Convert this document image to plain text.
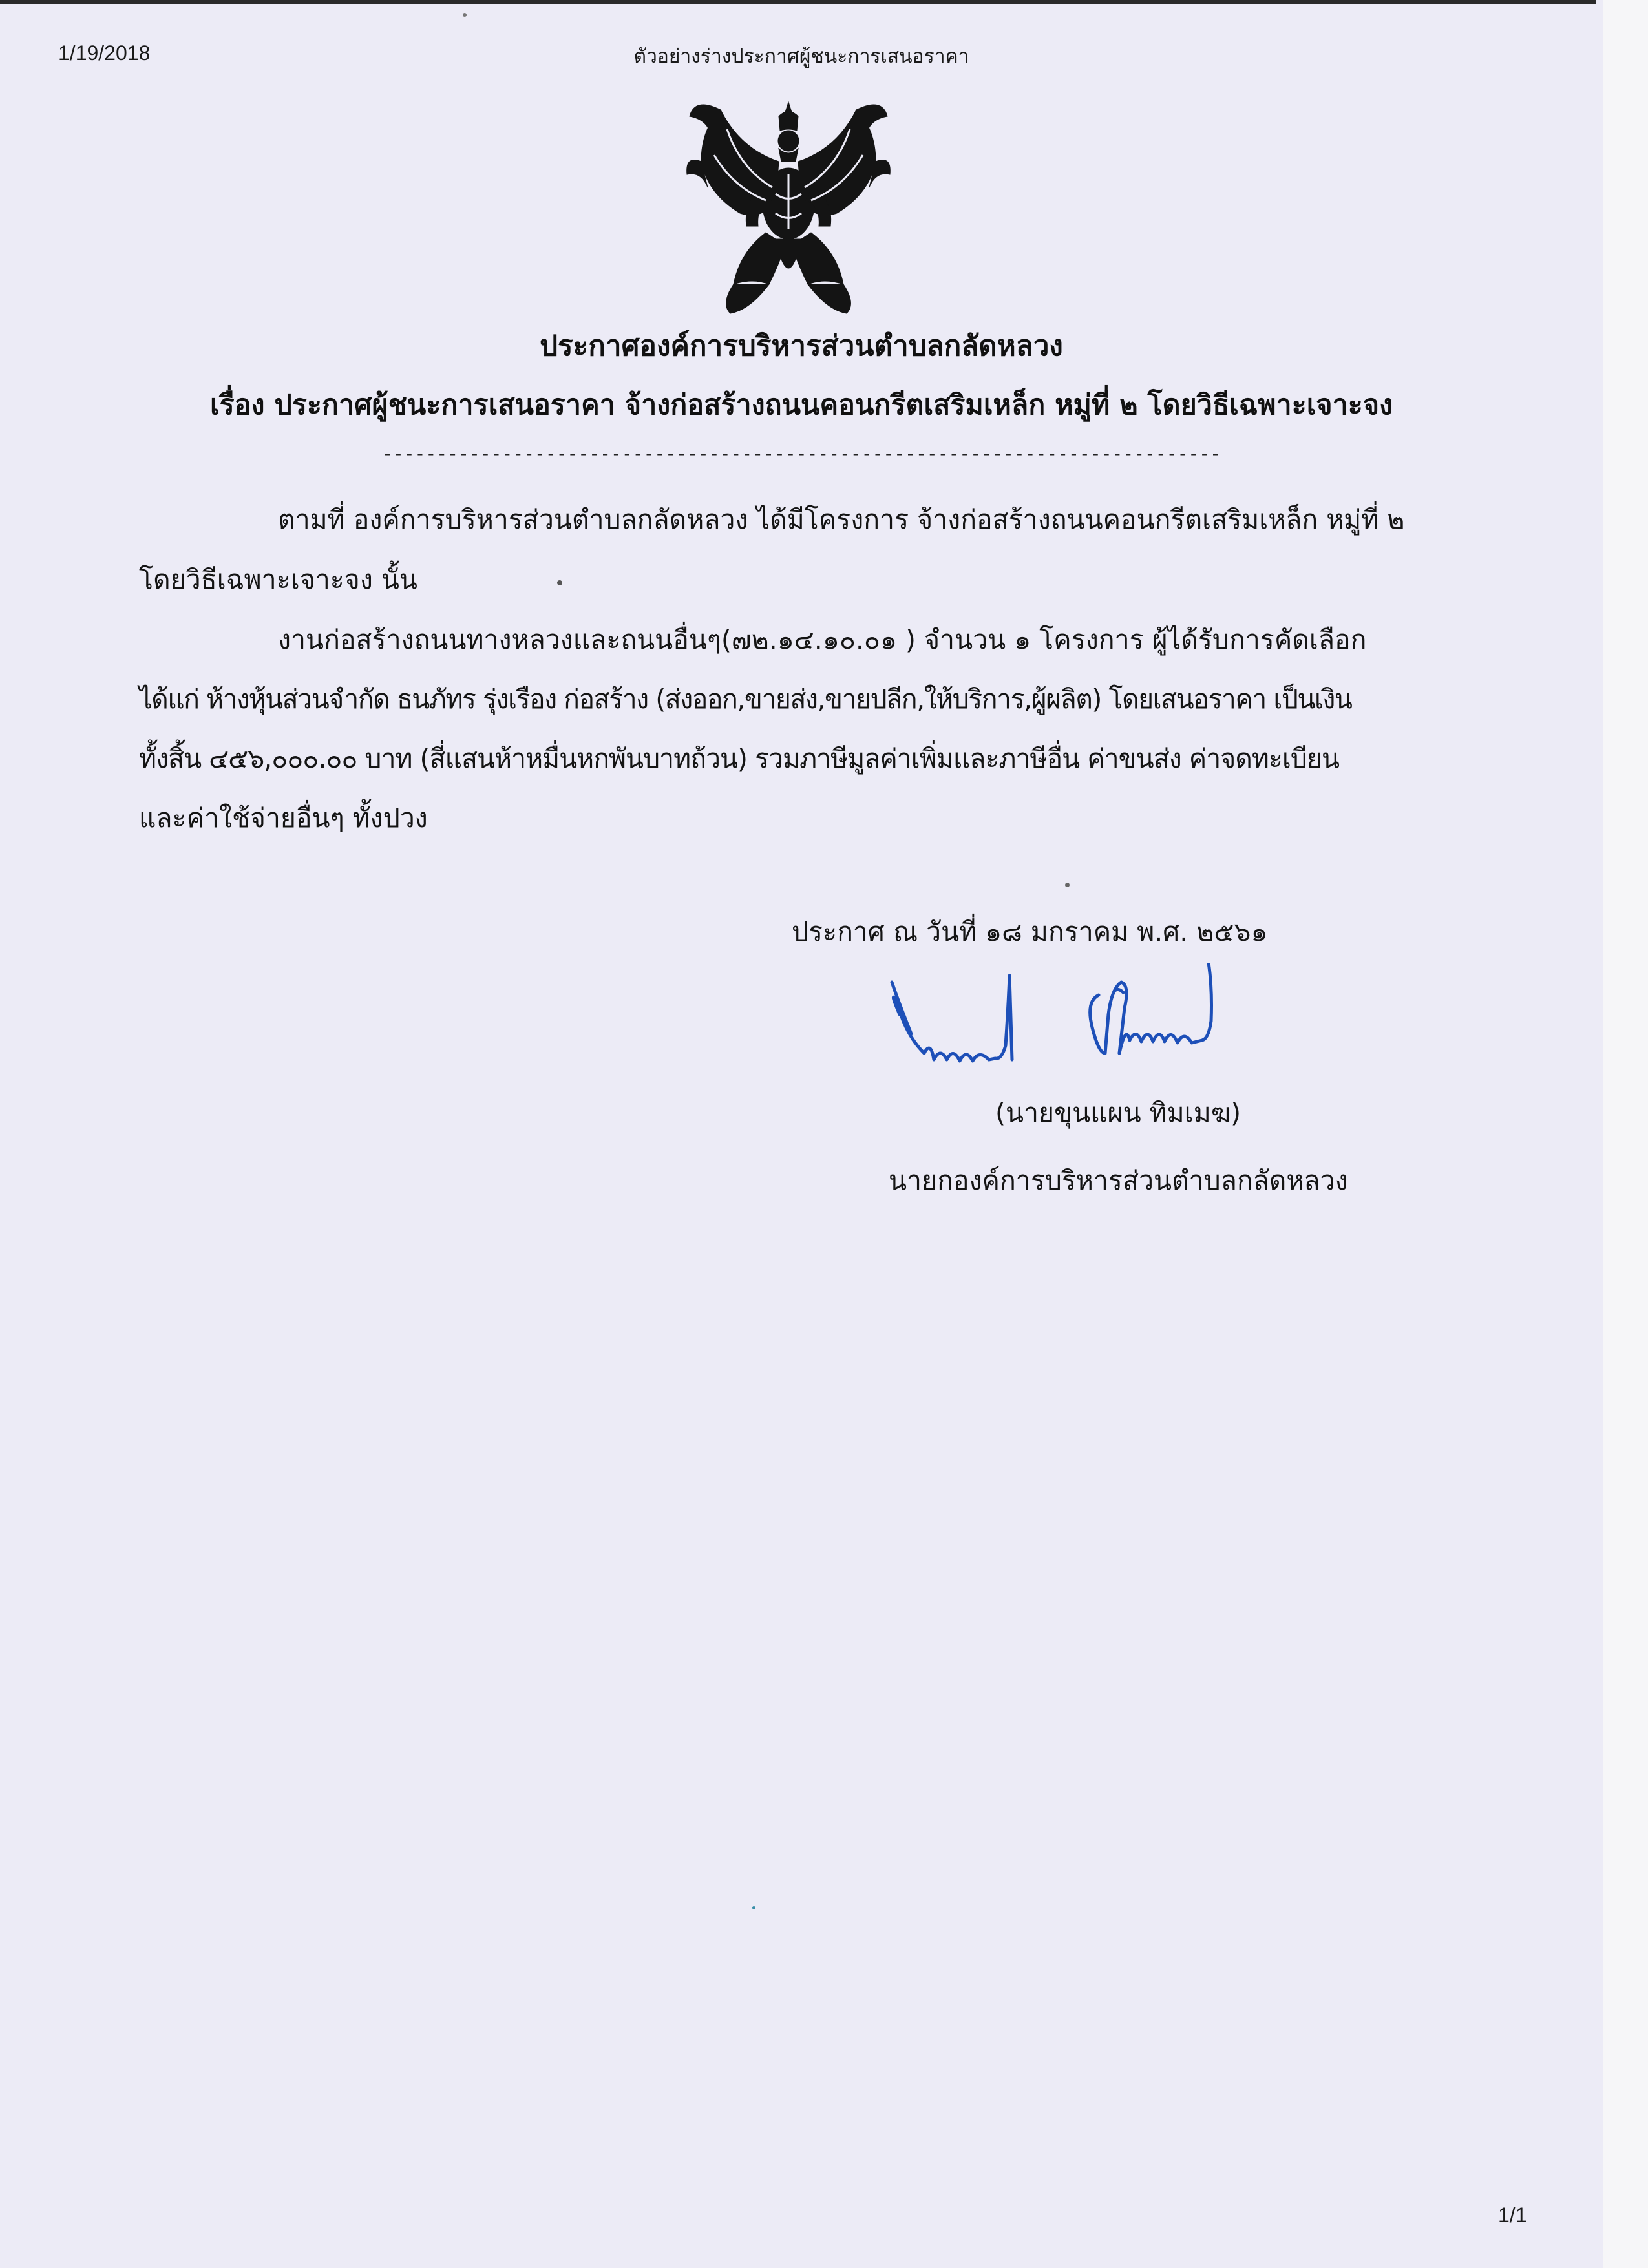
1/19/2018	ตัวอย่างร่างประกาศผู้ชนะการเสนอราคา
ประกาศองค์การบริหารส่วนตำบลกลัดหลวง
เรื่อง ประกาศผู้ชนะการเสนอราคา จ้างก่อสร้างถนนคอนกรีตเสริมเหล็ก หมู่ที่ ๒ โดยวิธีเฉพาะเจาะจง
-----------------------------------------------------------------------------
ตามที่ องค์การบริหารส่วนตำบลกลัดหลวง ได้มีโครงการ จ้างก่อสร้างถนนคอนกรีตเสริมเหล็ก หมู่ที่ ๒
โดยวิธีเฉพาะเจาะจง นั้น
งานก่อสร้างถนนทางหลวงและถนนอื่นๆ(๗๒.๑๔.๑๐.๐๑ ) จำนวน ๑ โครงการ ผู้ได้รับการคัดเลือก
ได้แก่ ห้างหุ้นส่วนจำกัด ธนภัทร รุ่งเรือง ก่อสร้าง (ส่งออก,ขายส่ง,ขายปลีก,ให้บริการ,ผู้ผลิต) โดยเสนอราคา เป็นเงิน
ทั้งสิ้น ๔๕๖,๐๐๐.๐๐ บาท (สี่แสนห้าหมื่นหกพันบาทถ้วน) รวมภาษีมูลค่าเพิ่มและภาษีอื่น ค่าขนส่ง ค่าจดทะเบียน
และค่าใช้จ่ายอื่นๆ ทั้งปวง
ประกาศ ณ วันที่ ๑๘ มกราคม พ.ศ. ๒๕๖๑
(นายขุนแผน ทิมเมฆ)
นายกองค์การบริหารส่วนตำบลกลัดหลวง
1/1
